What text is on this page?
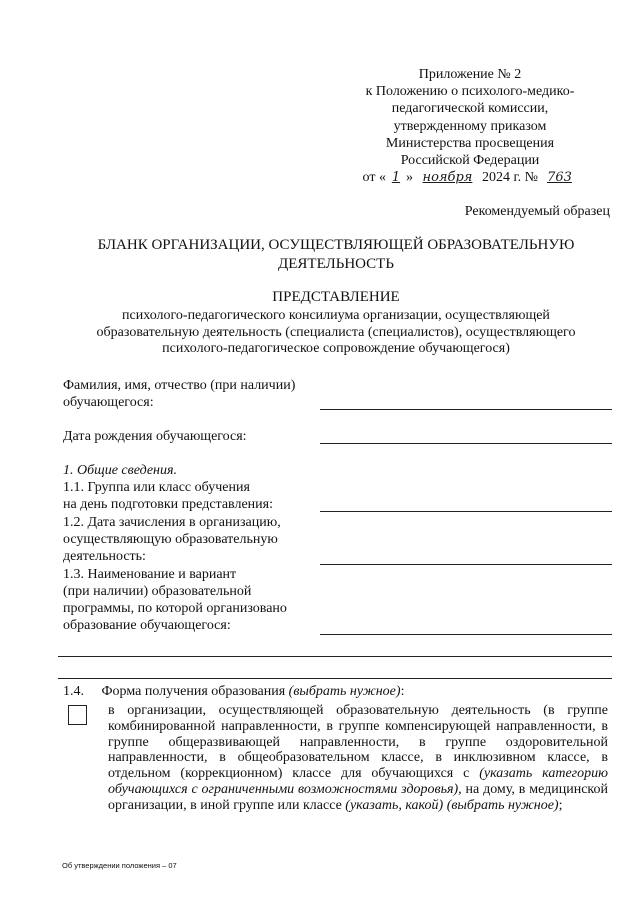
Приложение № 2
к Положению о психолого-медико-
педагогической комиссии,
утвержденному приказом
Министерства просвещения
Российской Федерации
от « 1 » ноября 2024 г. № 763
Рекомендуемый образец
БЛАНК ОРГАНИЗАЦИИ, ОСУЩЕСТВЛЯЮЩЕЙ ОБРАЗОВАТЕЛЬНУЮ
ДЕЯТЕЛЬНОСТЬ
ПРЕДСТАВЛЕНИЕ
психолого-педагогического консилиума организации, осуществляющей
образовательную деятельность (специалиста (специалистов), осуществляющего
психолого-педагогическое сопровождение обучающегося)
Фамилия, имя, отчество (при наличии)
обучающегося:
Дата рождения обучающегося:
1. Общие сведения.
1.1. Группа или класс обучения
на день подготовки представления:
1.2. Дата зачисления в организацию,
осуществляющую образовательную
деятельность:
1.3. Наименование и вариант
(при наличии) образовательной
программы, по которой организовано
образование обучающегося:
1.4. Форма получения образования (выбрать нужное):
в организации, осуществляющей образовательную деятельность (в группе комбинированной направленности, в группе компенсирующей направленности, в группе общеразвивающей направленности, в группе оздоровительной направленности, в общеобразовательном классе, в инклюзивном классе, в отдельном (коррекционном) классе для обучающихся с (указать категорию обучающихся с ограниченными возможностями здоровья), на дому, в медицинской организации, в иной группе или классе (указать, какой) (выбрать нужное);
Об утверждении положения – 07
